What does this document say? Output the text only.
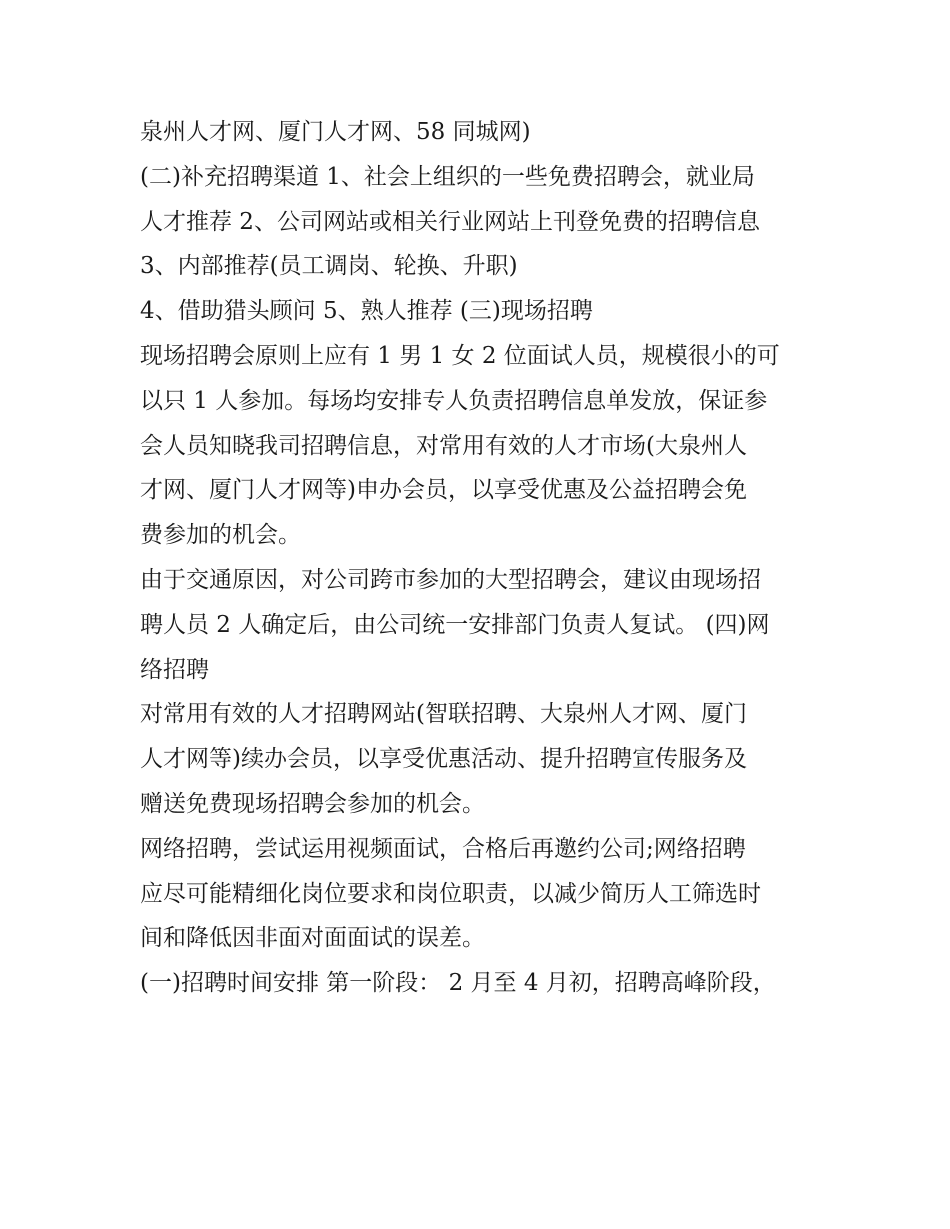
泉州人才网、厦门人才网、58 同城网)
(二)补充招聘渠道 1、社会上组织的一些免费招聘会，就业局
人才推荐 2、公司网站或相关行业网站上刊登免费的招聘信息
3、内部推荐(员工调岗、轮换、升职)
4、借助猎头顾问 5、熟人推荐 (三)现场招聘
现场招聘会原则上应有 1 男 1 女 2 位面试人员，规模很小的可
以只 1 人参加。每场均安排专人负责招聘信息单发放，保证参
会人员知晓我司招聘信息，对常用有效的人才市场(大泉州人
才网、厦门人才网等)申办会员，以享受优惠及公益招聘会免
费参加的机会。
由于交通原因，对公司跨市参加的大型招聘会，建议由现场招
聘人员 2 人确定后，由公司统一安排部门负责人复试。 (四)网
络招聘
对常用有效的人才招聘网站(智联招聘、大泉州人才网、厦门
人才网等)续办会员，以享受优惠活动、提升招聘宣传服务及
赠送免费现场招聘会参加的机会。
网络招聘，尝试运用视频面试，合格后再邀约公司;网络招聘
应尽可能精细化岗位要求和岗位职责，以减少简历人工筛选时
间和降低因非面对面面试的误差。
(一)招聘时间安排 第一阶段： 2 月至 4 月初，招聘高峰阶段，
